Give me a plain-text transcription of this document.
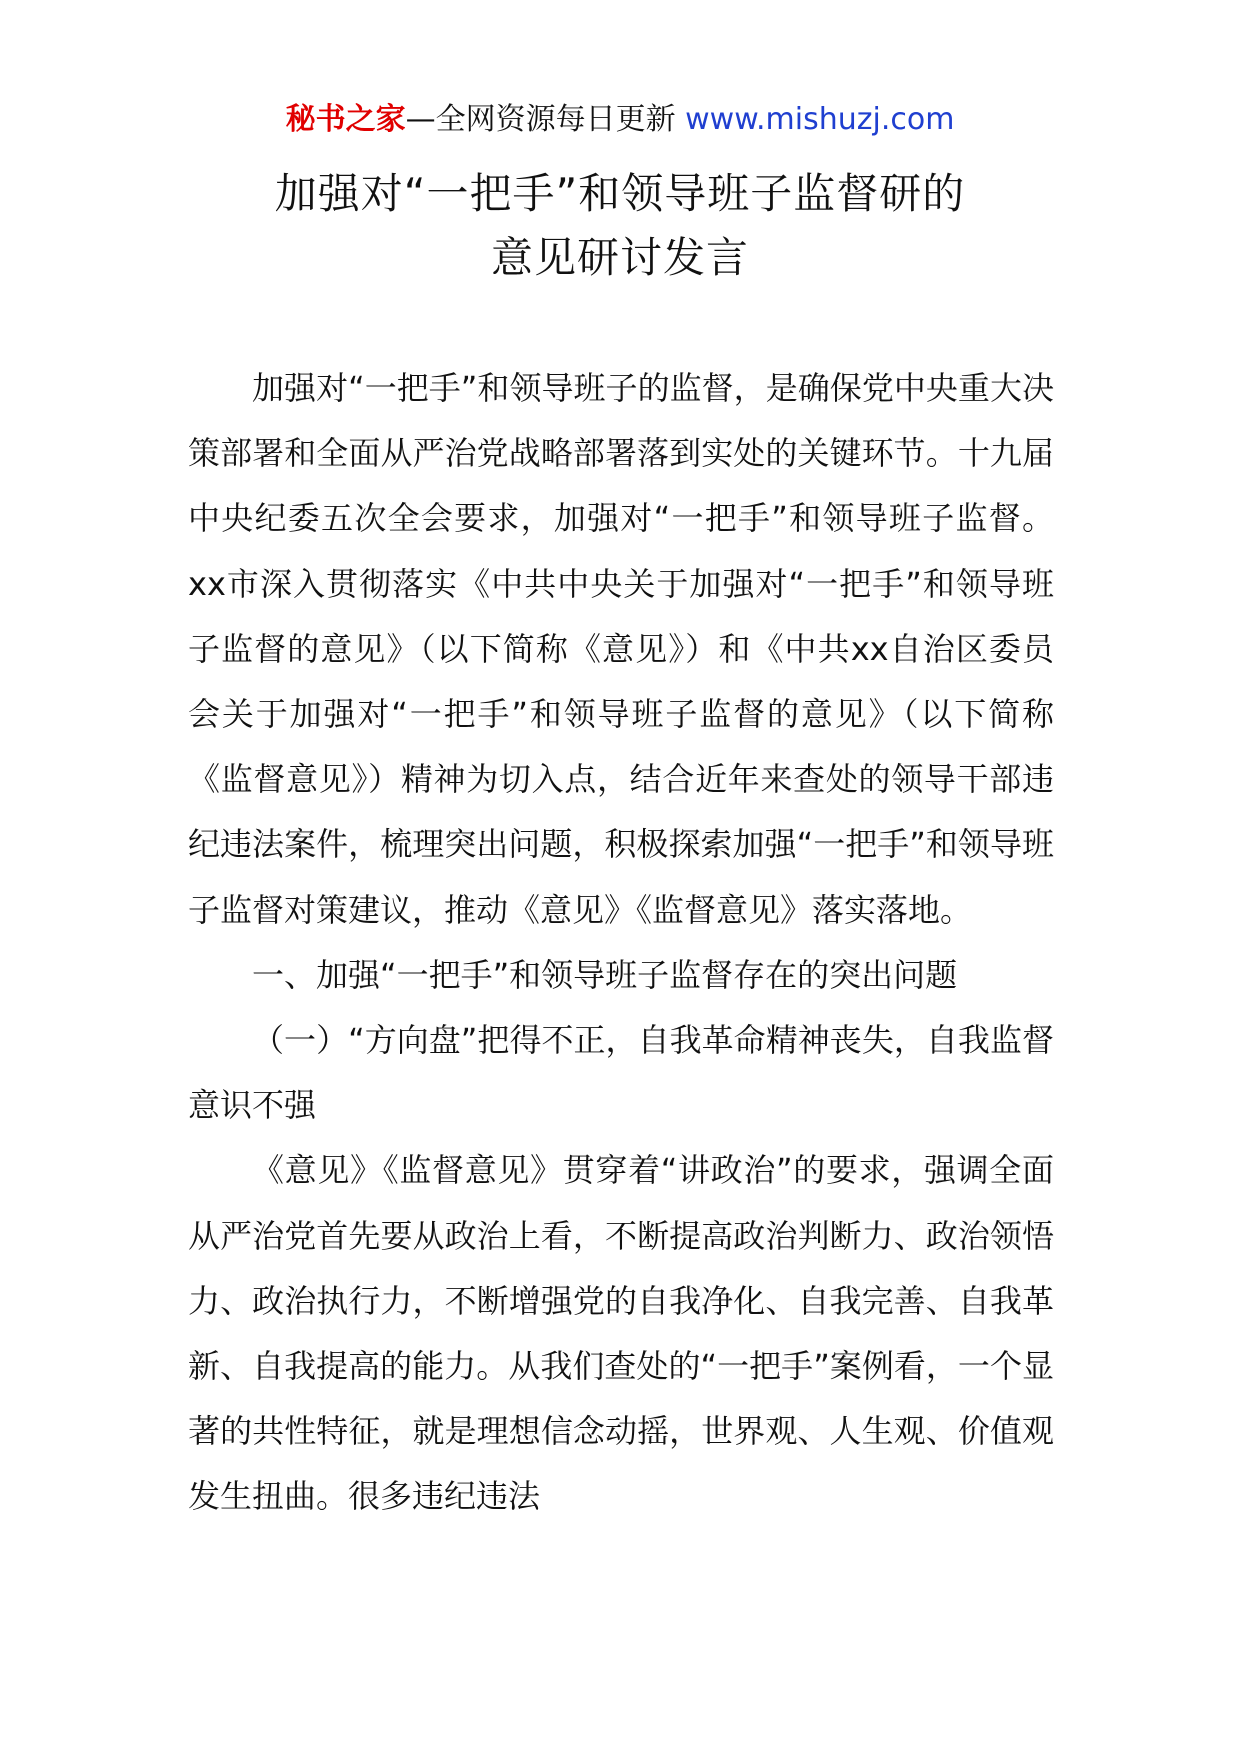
秘书之家—全网资源每日更新 www.mishuzj.com
加强对“一把手”和领导班子监督研的
意见研讨发言

加强对“一把手”和领导班子的监督，是确保党中央重大决策部署和全面从严治党战略部署落到实处的关键环节。十九届中央纪委五次全会要求，加强对“一把手”和领导班子监督。xx市深入贯彻落实《中共中央关于加强对“一把手”和领导班子监督的意见》（以下简称《意见》）和《中共xx自治区委员会关于加强对“一把手”和领导班子监督的意见》（以下简称《监督意见》）精神为切入点，结合近年来查处的领导干部违纪违法案件，梳理突出问题，积极探索加强“一把手”和领导班子监督对策建议，推动《意见》《监督意见》落实落地。

一、加强“一把手”和领导班子监督存在的突出问题

（一）“方向盘”把得不正，自我革命精神丧失，自我监督意识不强

《意见》《监督意见》贯穿着“讲政治”的要求，强调全面从严治党首先要从政治上看，不断提高政治判断力、政治领悟力、政治执行力，不断增强党的自我净化、自我完善、自我革新、自我提高的能力。从我们查处的“一把手”案例看，一个显著的共性特征，就是理想信念动摇，世界观、人生观、价值观发生扭曲。很多违纪违法
